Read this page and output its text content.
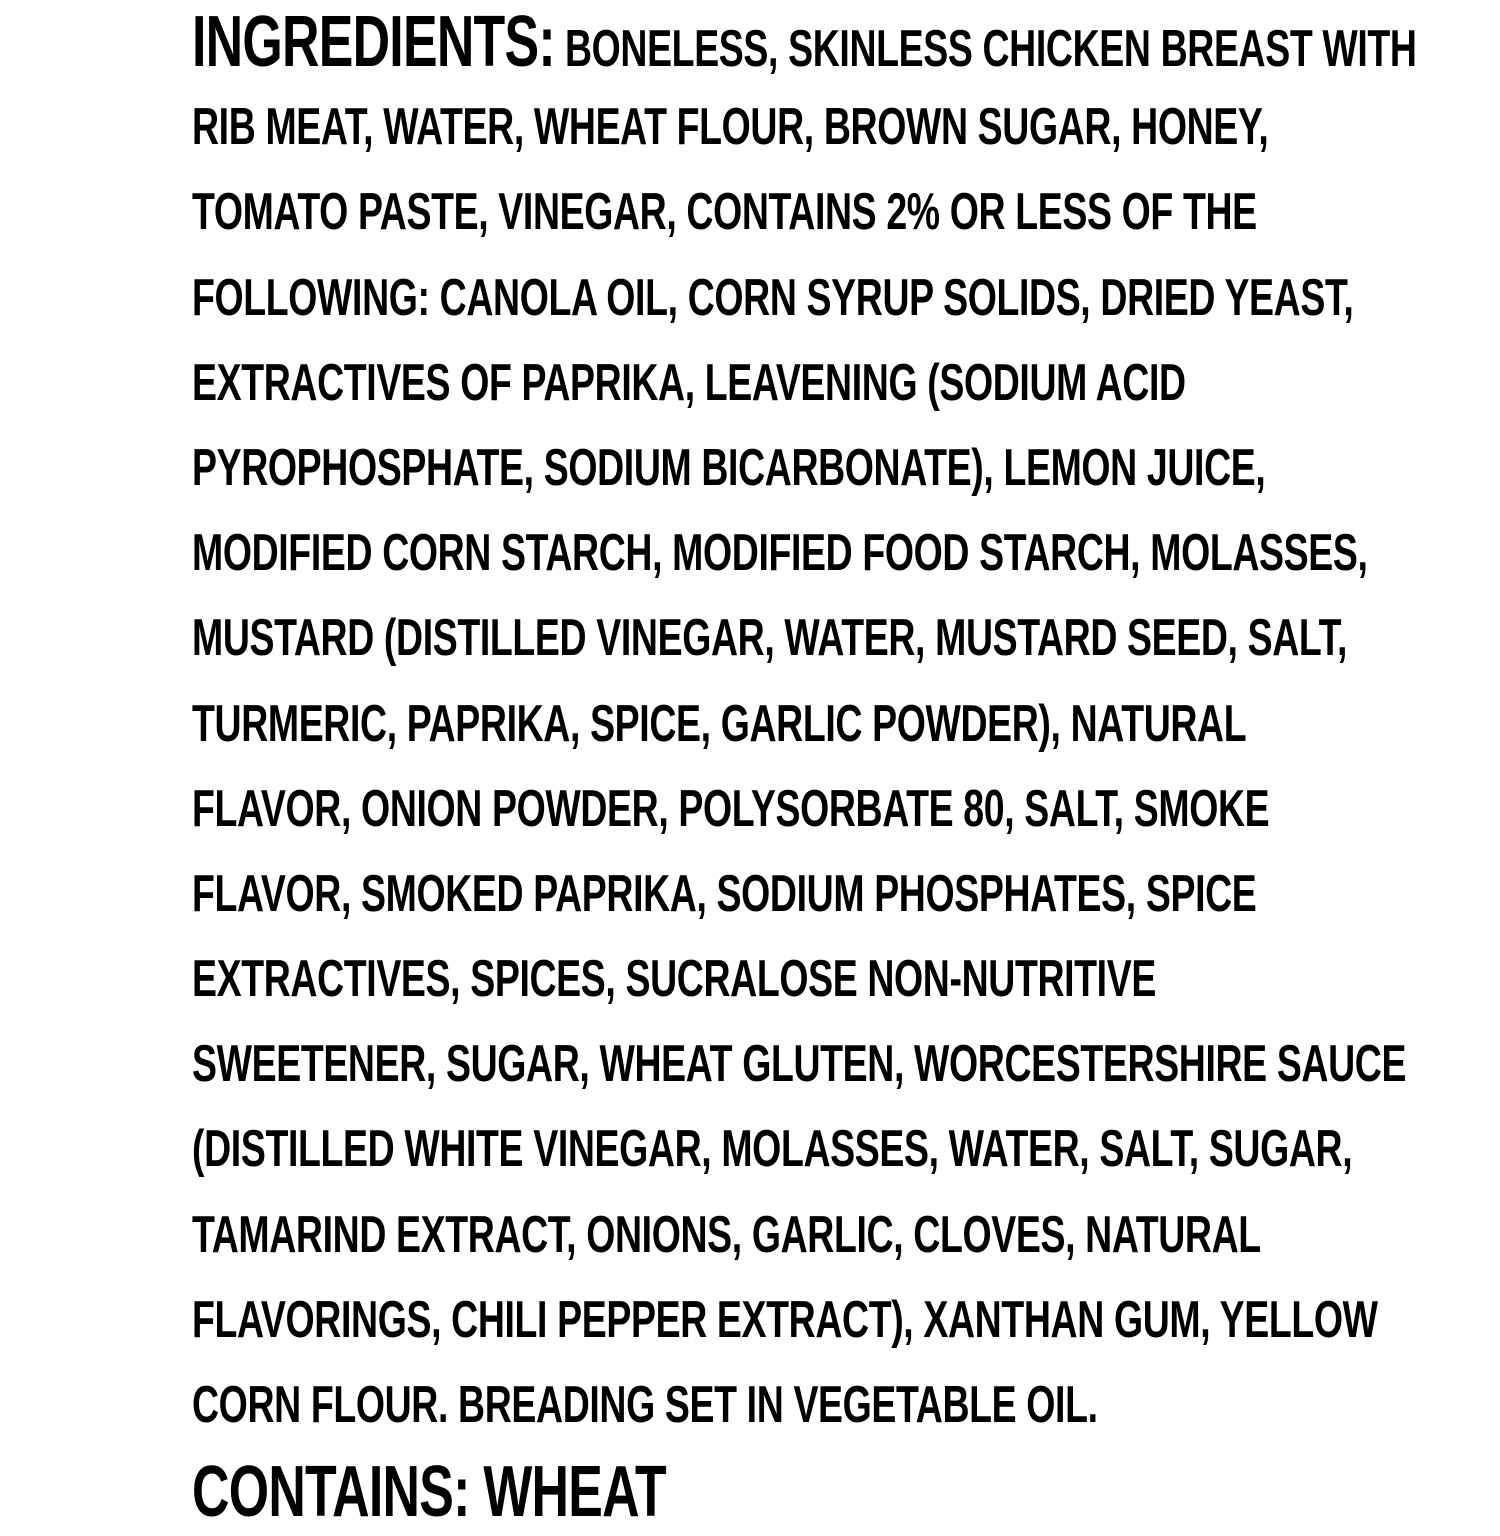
INGREDIENTS: BONELESS, SKINLESS CHICKEN BREAST WITH
RIB MEAT, WATER, WHEAT FLOUR, BROWN SUGAR, HONEY,
TOMATO PASTE, VINEGAR, CONTAINS 2% OR LESS OF THE
FOLLOWING: CANOLA OIL, CORN SYRUP SOLIDS, DRIED YEAST,
EXTRACTIVES OF PAPRIKA, LEAVENING (SODIUM ACID
PYROPHOSPHATE, SODIUM BICARBONATE), LEMON JUICE,
MODIFIED CORN STARCH, MODIFIED FOOD STARCH, MOLASSES,
MUSTARD (DISTILLED VINEGAR, WATER, MUSTARD SEED, SALT,
TURMERIC, PAPRIKA, SPICE, GARLIC POWDER), NATURAL
FLAVOR, ONION POWDER, POLYSORBATE 80, SALT, SMOKE
FLAVOR, SMOKED PAPRIKA, SODIUM PHOSPHATES, SPICE
EXTRACTIVES, SPICES, SUCRALOSE NON-NUTRITIVE
SWEETENER, SUGAR, WHEAT GLUTEN, WORCESTERSHIRE SAUCE
(DISTILLED WHITE VINEGAR, MOLASSES, WATER, SALT, SUGAR,
TAMARIND EXTRACT, ONIONS, GARLIC, CLOVES, NATURAL
FLAVORINGS, CHILI PEPPER EXTRACT), XANTHAN GUM, YELLOW
CORN FLOUR. BREADING SET IN VEGETABLE OIL.
CONTAINS: WHEAT
